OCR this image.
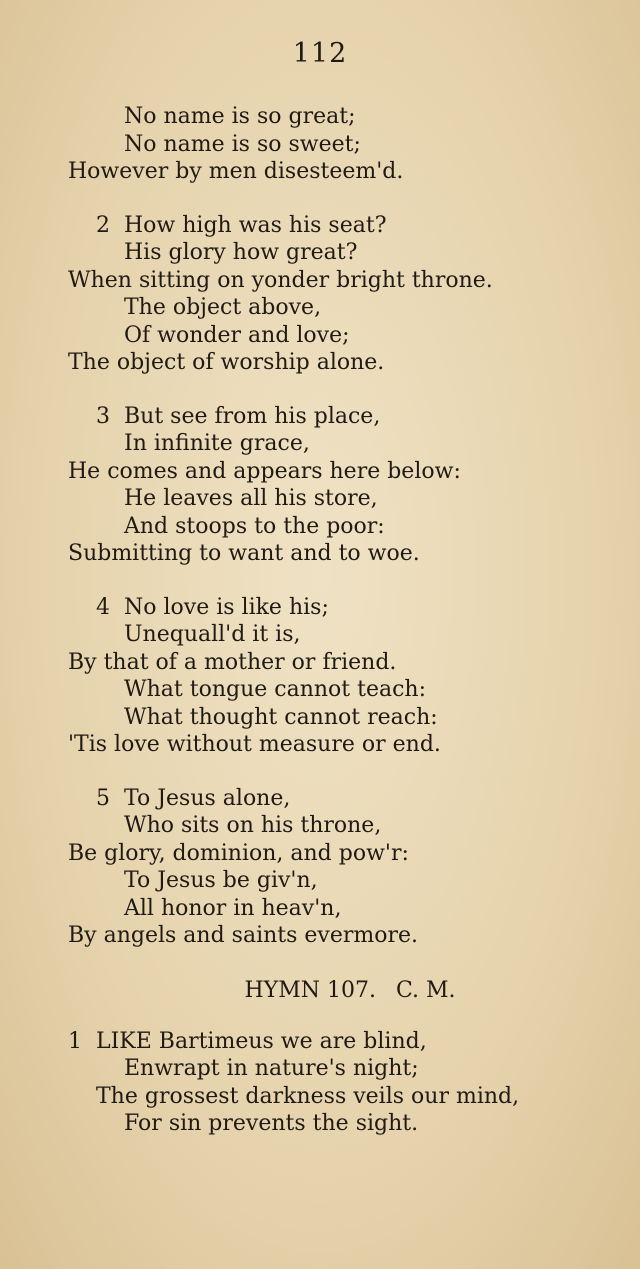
112
No name is so great;
No name is so sweet;
However by men disesteem'd.
2 How high was his seat?
His glory how great?
When sitting on yonder bright throne.
The object above,
Of wonder and love;
The object of worship alone.
3 But see from his place,
In infinite grace,
He comes and appears here below:
He leaves all his store,
And stoops to the poor:
Submitting to want and to woe.
4 No love is like his;
Unequall'd it is,
By that of a mother or friend.
What tongue cannot teach:
What thought cannot reach:
'Tis love without measure or end.
5 To Jesus alone,
Who sits on his throne,
Be glory, dominion, and pow'r:
To Jesus be giv'n,
All honor in heav'n,
By angels and saints evermore.
HYMN 107. C. M.
1 LIKE Bartimeus we are blind,
Enwrapt in nature's night;
The grossest darkness veils our mind,
For sin prevents the sight.
